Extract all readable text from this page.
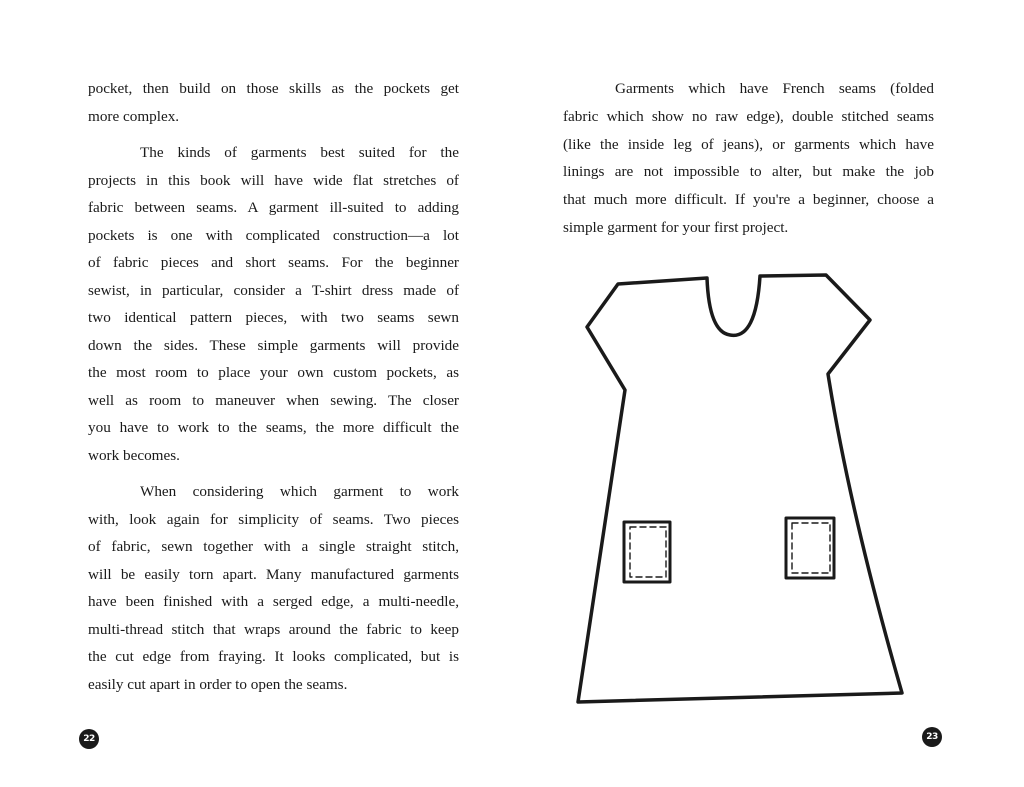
pocket, then build on those skills as the pockets get
more complex.
The kinds of garments best suited for the
projects in this book will have wide flat stretches of
fabric between seams. A garment ill-suited to adding
pockets is one with complicated construction—a lot
of fabric pieces and short seams. For the beginner
sewist, in particular, consider a T-shirt dress made of
two identical pattern pieces, with two seams sewn
down the sides. These simple garments will provide
the most room to place your own custom pockets, as
well as room to maneuver when sewing. The closer
you have to work to the seams, the more difficult the
work becomes.
When considering which garment to work
with, look again for simplicity of seams. Two pieces
of fabric, sewn together with a single straight stitch,
will be easily torn apart. Many manufactured garments
have been finished with a serged edge, a multi-needle,
multi-thread stitch that wraps around the fabric to keep
the cut edge from fraying. It looks complicated, but is
easily cut apart in order to open the seams.
22
Garments which have French seams (folded
fabric which show no raw edge), double stitched seams
(like the inside leg of jeans), or garments which have
linings are not impossible to alter, but make the job
that much more difficult. If you're a beginner, choose a
simple garment for your first project.
23
